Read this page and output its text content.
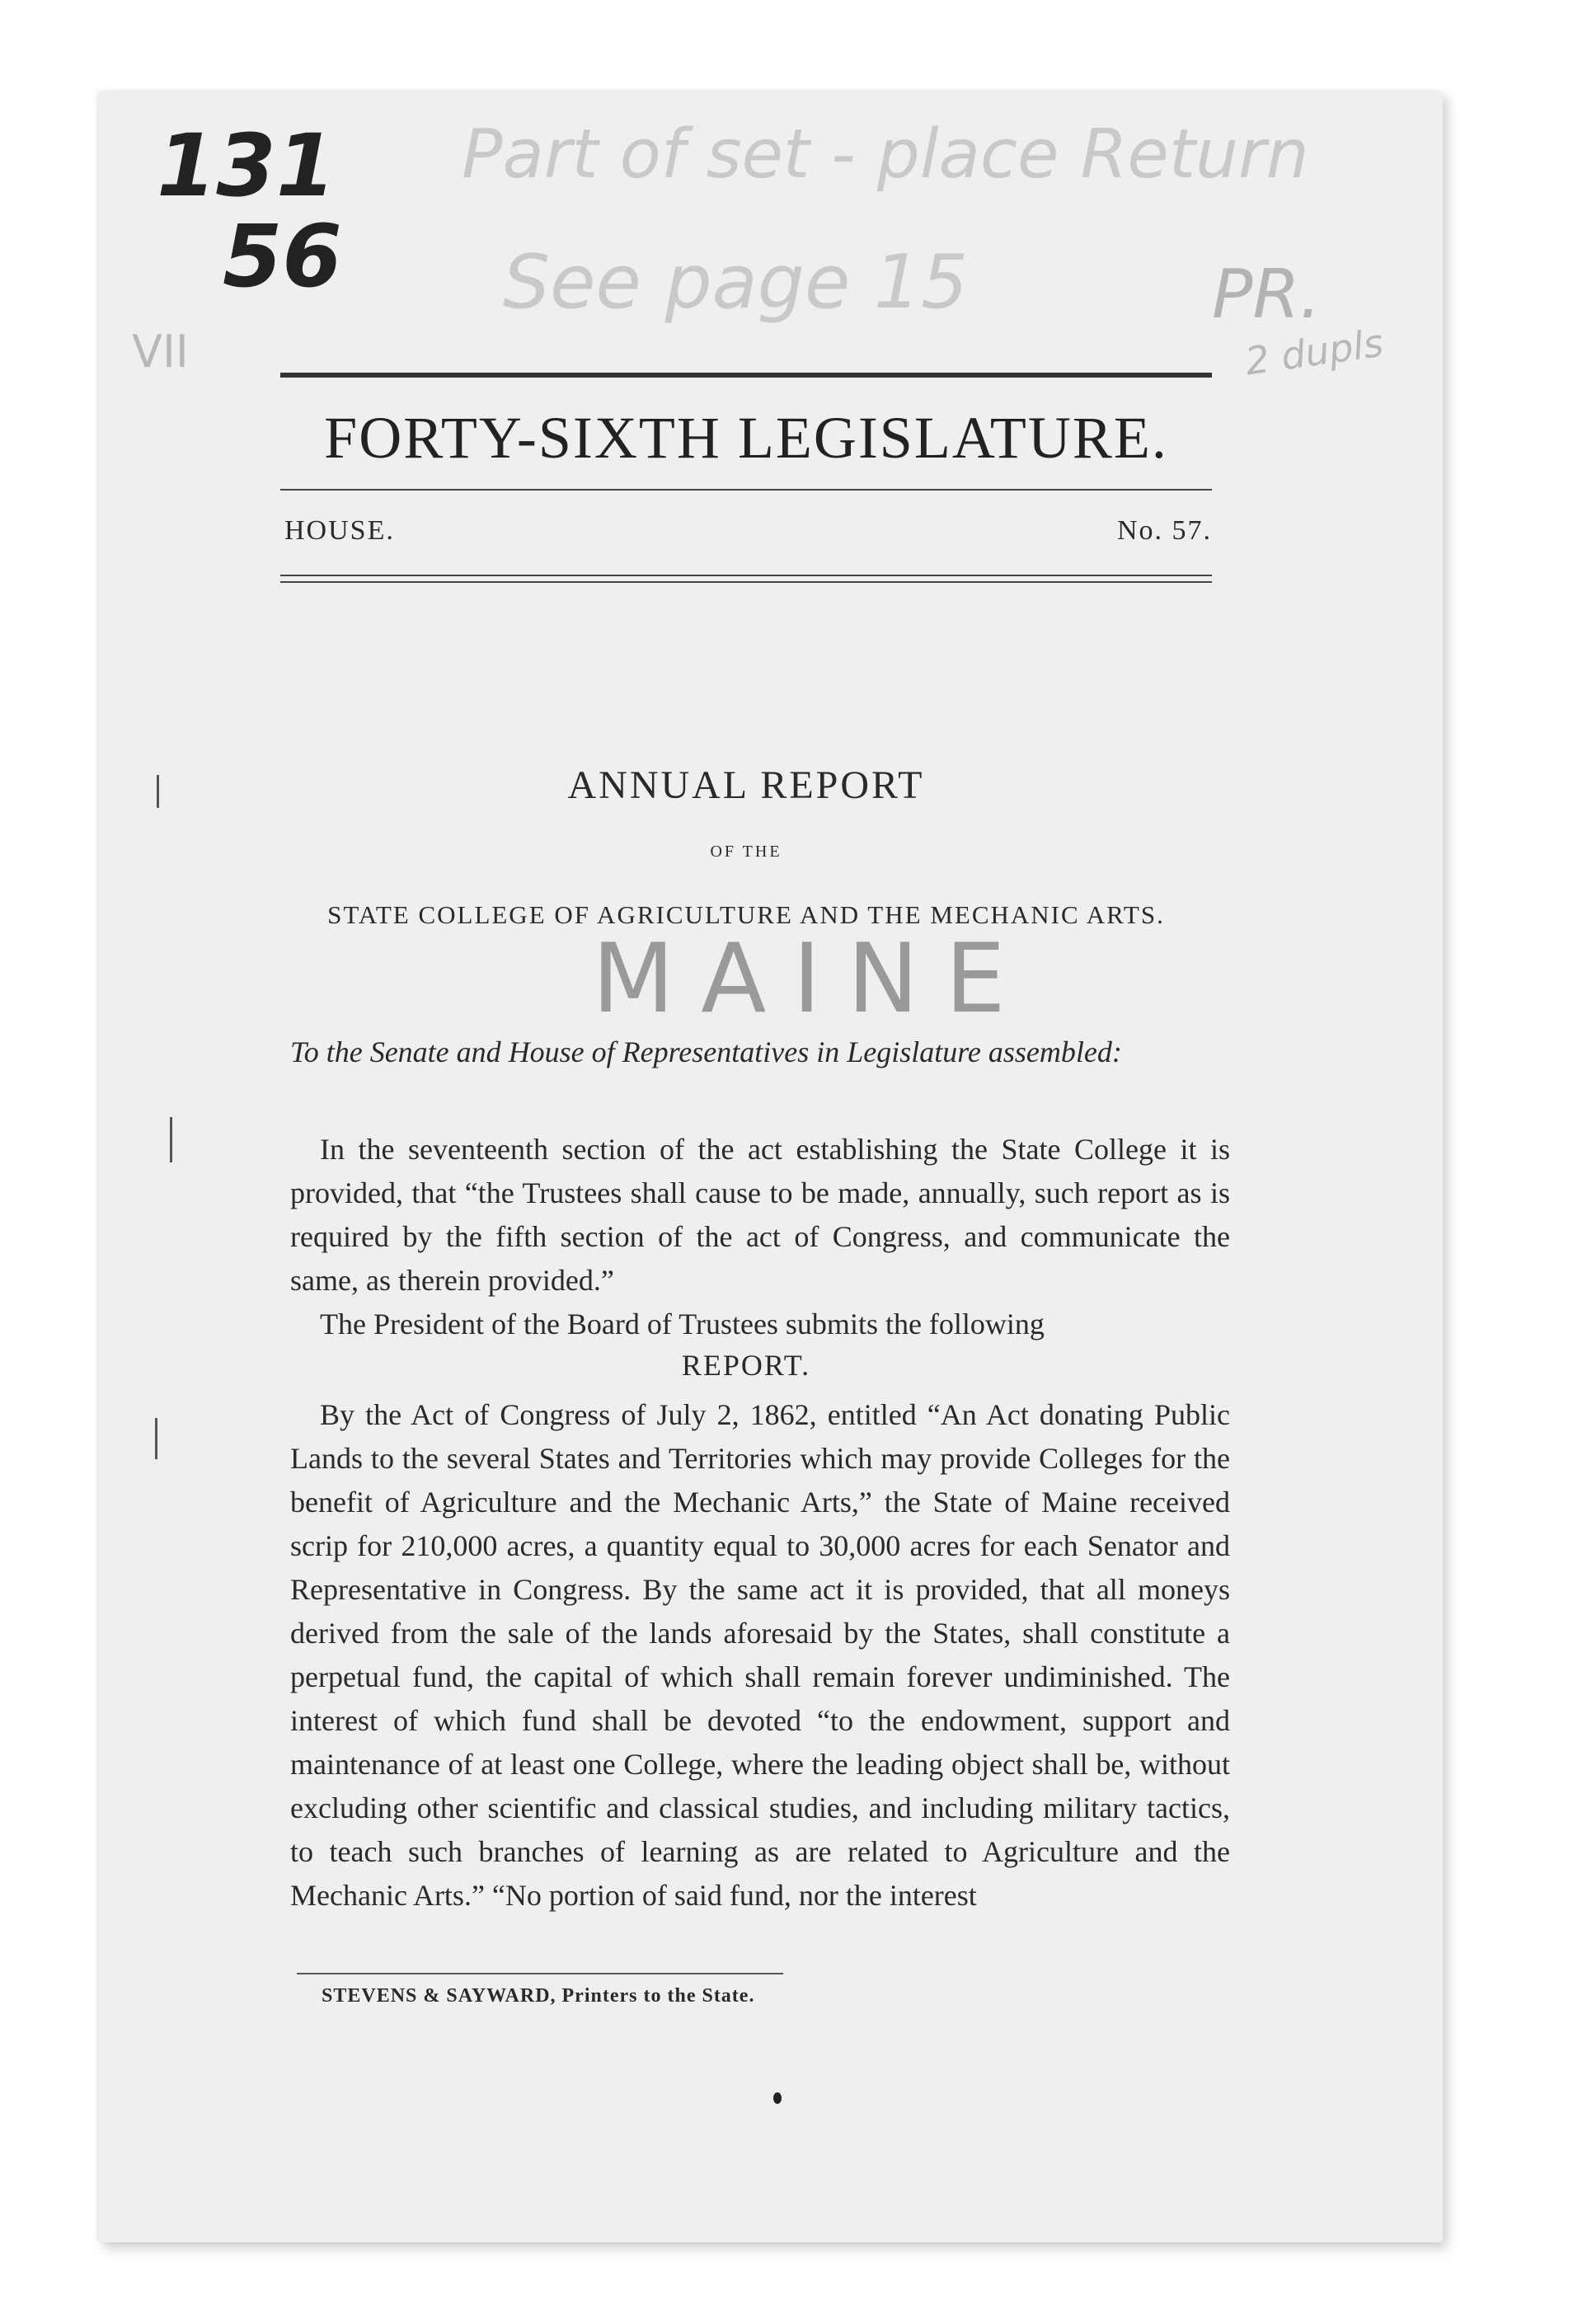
131

56

Part of set - place Return

See page 15	PR.

2 dupls

VII

FORTY-SIXTH LEGISLATURE.
HOUSE.	No. 57.
ANNUAL REPORT

OF THE

STATE COLLEGE OF AGRICULTURE AND THE MECHANIC ARTS.

MAINE

To the Senate and House of Representatives in Legislature assembled:

In the seventeenth section of the act establishing the State College it is provided, that “the Trustees shall cause to be made, annually, such report as is required by the fifth section of the act of Congress, and communicate the same, as therein provided.”

The President of the Board of Trustees submits the following

REPORT.

By the Act of Congress of July 2, 1862, entitled “An Act donating Public Lands to the several States and Territories which may provide Colleges for the benefit of Agriculture and the Mechanic Arts,” the State of Maine received scrip for 210,000 acres, a quantity equal to 30,000 acres for each Senator and Representative in Congress. By the same act it is provided, that all moneys derived from the sale of the lands aforesaid by the States, shall constitute a perpetual fund, the capital of which shall remain forever undiminished. The interest of which fund shall be devoted “to the endowment, support and maintenance of at least one College, where the leading object shall be, without excluding other scientific and classical studies, and including military tactics, to teach such branches of learning as are related to Agriculture and the Mechanic Arts.” “No portion of said fund, nor the interest

STEVENS & SAYWARD, Printers to the State.
